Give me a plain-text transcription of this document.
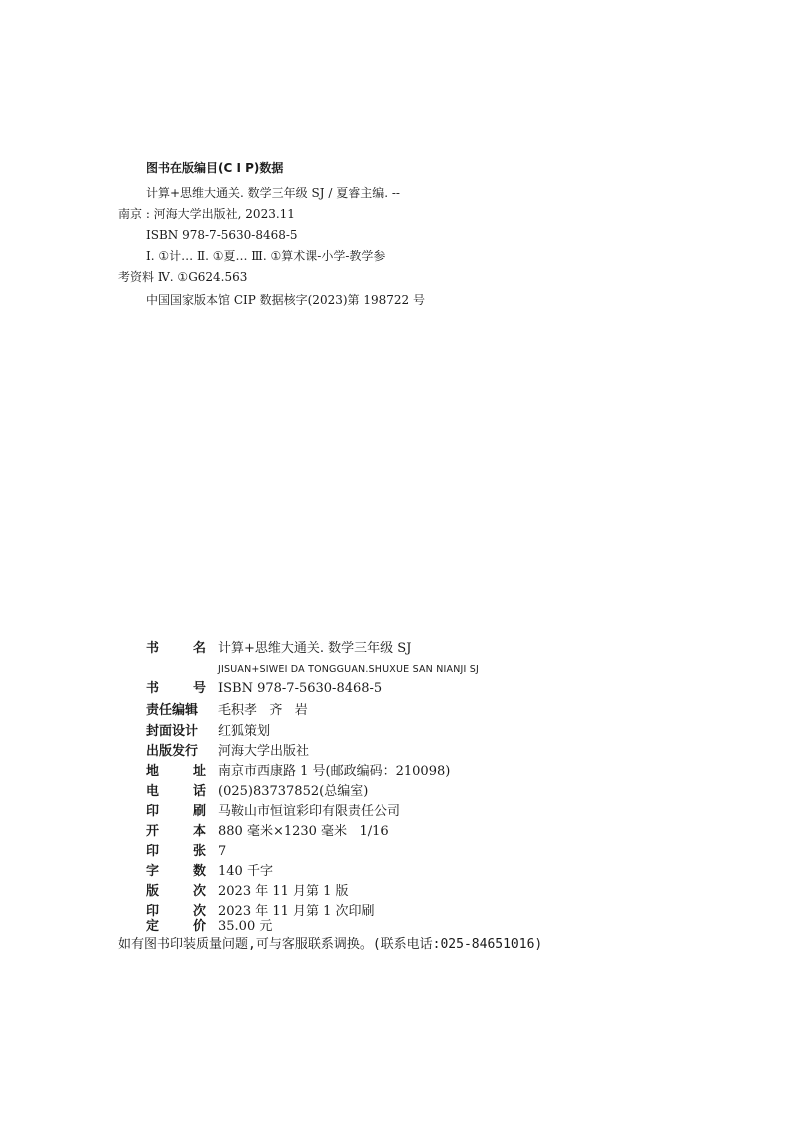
图书在版编目(C I P)数据
计算+思维大通关. 数学三年级 SJ / 夏睿主编. --
南京 : 河海大学出版社, 2023.11
ISBN 978-7-5630-8468-5
Ⅰ. ①计… Ⅱ. ①夏… Ⅲ. ①算术课-小学-教学参
考资料 Ⅳ. ①G624.563
中国国家版本馆 CIP 数据核字(2023)第 198722 号
书	名 计算+思维大通关. 数学三年级 SJ
JISUAN+SIWEI DA TONGGUAN.SHUXUE SAN NIANJI SJ
书	号 ISBN 978-7-5630-8468-5
责任编辑	毛积孝   齐   岩
封面设计	红狐策划
出版发行	河海大学出版社
地	址 南京市西康路 1 号(邮政编码：210098)
电	话 (025)83737852(总编室)
印	刷 马鞍山市恒谊彩印有限责任公司
开	本 880 毫米×1230 毫米   1/16
印	张 7
字	数 140 千字
版	次 2023 年 11 月第 1 版
印	次 2023 年 11 月第 1 次印刷
定	价 35.00 元
如有图书印装质量问题,可与客服联系调换。(联系电话:025-84651016)
